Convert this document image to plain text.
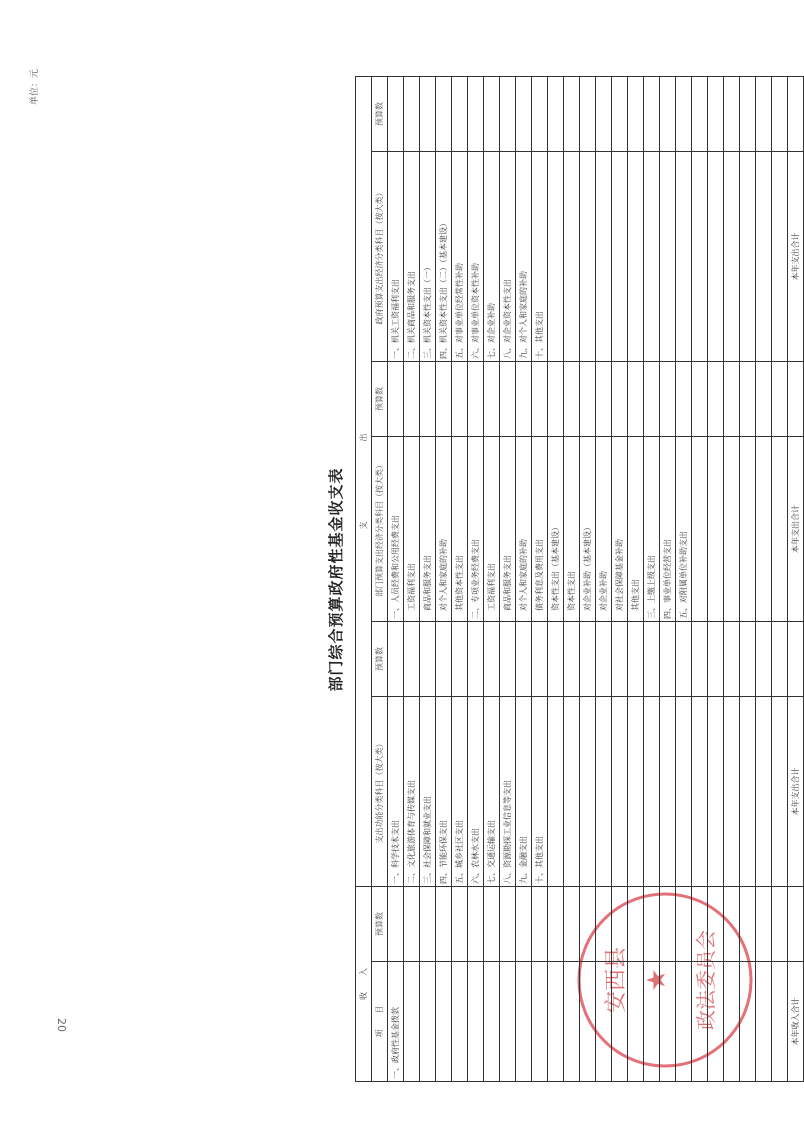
20
单位：元
部门综合预算政府性基金收支表
安西县 ★ 政法委员会
收　　入		支　　　　　　　　　　出					
项　　目	预算数	支出功能分类科目（按大类）	预算数	部门预算支出经济分类科目（按大类）	预算数	政府预算支出经济分类科目（按大类）	预算数
一、政府性基金拨款		一、科学技术支出		一、人员经费和公用经费支出		一、机关工资福利支出	
		二、文化旅游体育与传媒支出		　工资福利支出		二、机关商品和服务支出	
		三、社会保障和就业支出		　商品和服务支出		三、机关资本性支出（一）	
		四、节能环保支出		　对个人和家庭的补助		四、机关资本性支出（二）（基本建设）	
		五、城乡社区支出		　其他资本性支出		五、对事业单位经常性补助	
		六、农林水支出		二、专项业务经费支出		六、对事业单位资本性补助	
		七、交通运输支出		　工资福利支出		七、对企业补助	
		八、资源勘探工业信息等支出		　商品和服务支出		八、对企业资本性支出	
		九、金融支出		　对个人和家庭的补助		九、对个人和家庭的补助	
		十、其他支出		　债务利息及费用支出		十、其他支出	
				　资本性支出（基本建设）			
				　资本性支出			
				　对企业补助（基本建设）			
				　对企业补助			
				　对社会保障基金补助			
				　其他支出			
				三、上缴上级支出			
				四、事业单位经营支出			
				五、对附属单位补助支出			

本年收入合计		本年支出合计		本年支出合计		本年支出合计	
